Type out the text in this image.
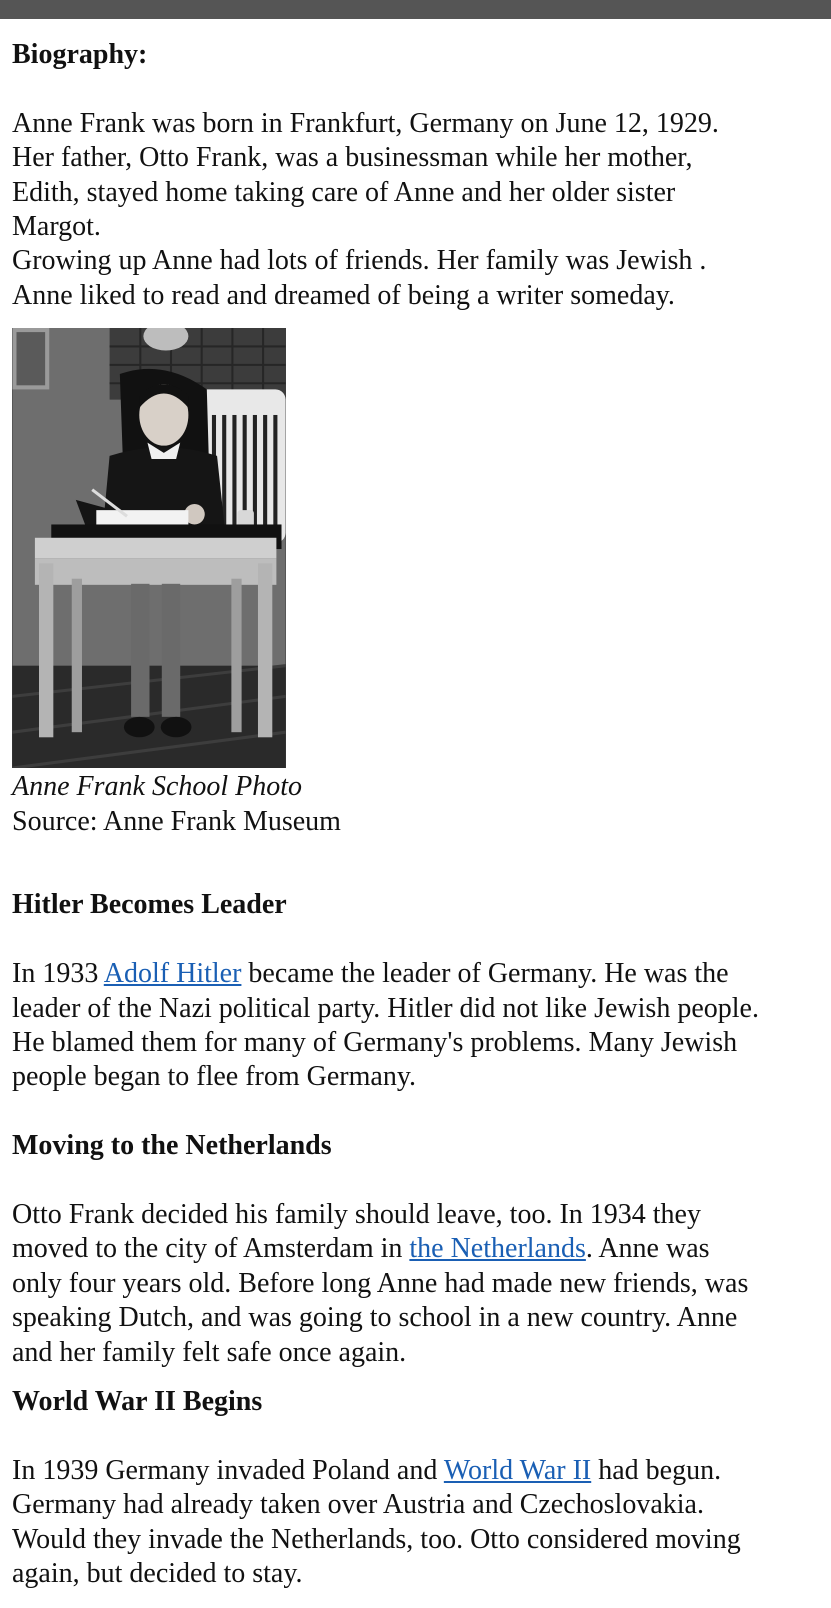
Biography:
Anne Frank was born in Frankfurt, Germany on June 12, 1929.
Her father, Otto Frank, was a businessman while her mother,
Edith, stayed home taking care of Anne and her older sister
Margot.
Growing up Anne had lots of friends. Her family was Jewish .
Anne liked to read and dreamed of being a writer someday.
Anne Frank School Photo
Source: Anne Frank Museum
Hitler Becomes Leader
In 1933 Adolf Hitler became the leader of Germany. He was the
leader of the Nazi political party. Hitler did not like Jewish people.
He blamed them for many of Germany's problems. Many Jewish
people began to flee from Germany.
Moving to the Netherlands
Otto Frank decided his family should leave, too. In 1934 they
moved to the city of Amsterdam in the Netherlands. Anne was
only four years old. Before long Anne had made new friends, was
speaking Dutch, and was going to school in a new country. Anne
and her family felt safe once again.
World War II Begins
In 1939 Germany invaded Poland and World War II had begun.
Germany had already taken over Austria and Czechoslovakia.
Would they invade the Netherlands, too. Otto considered moving
again, but decided to stay.
